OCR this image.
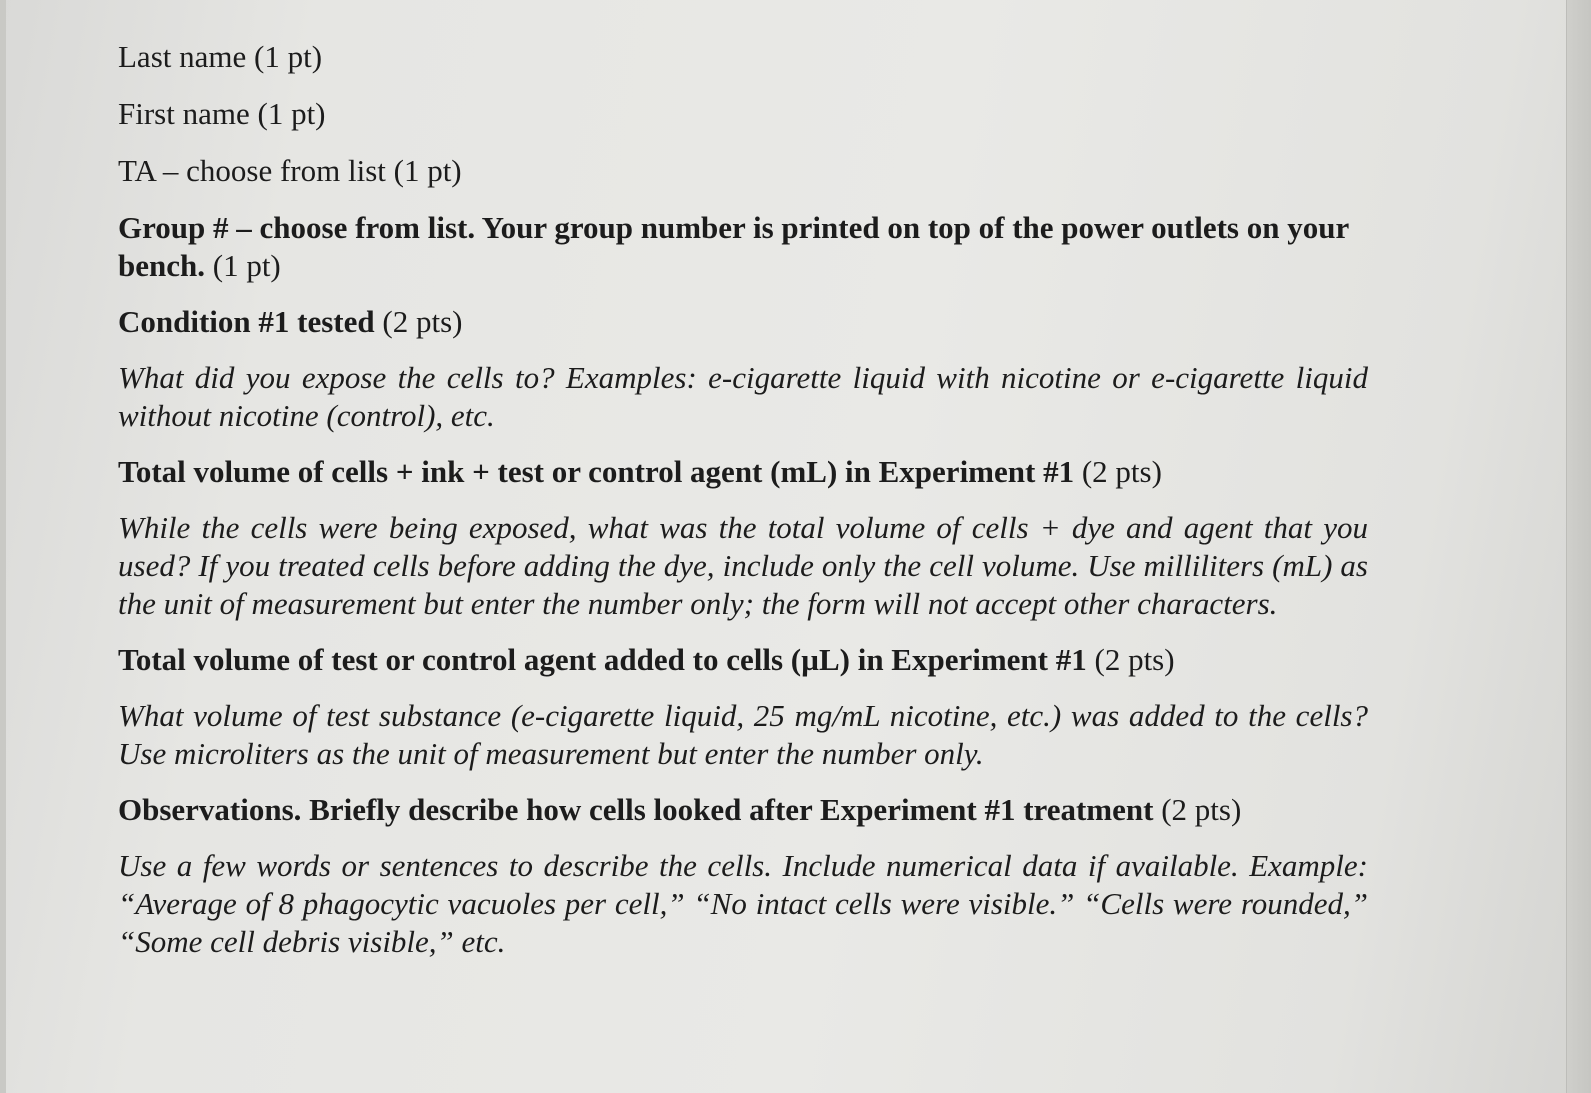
Last name (1 pt)

First name (1 pt)

TA – choose from list (1 pt)

Group # – choose from list. Your group number is printed on top of the power outlets on your bench. (1 pt)

Condition #1 tested (2 pts)

What did you expose the cells to? Examples: e-cigarette liquid with nicotine or e-cigarette liquid without nicotine (control), etc.

Total volume of cells + ink + test or control agent (mL) in Experiment #1 (2 pts)

While the cells were being exposed, what was the total volume of cells + dye and agent that you used? If you treated cells before adding the dye, include only the cell volume. Use milliliters (mL) as the unit of measurement but enter the number only; the form will not accept other characters.

Total volume of test or control agent added to cells (µL) in Experiment #1 (2 pts)

What volume of test substance (e-cigarette liquid, 25 mg/mL nicotine, etc.) was added to the cells? Use microliters as the unit of measurement but enter the number only.

Observations. Briefly describe how cells looked after Experiment #1 treatment (2 pts)

Use a few words or sentences to describe the cells. Include numerical data if available. Example: “Average of 8 phagocytic vacuoles per cell,” “No intact cells were visible.” “Cells were rounded,” “Some cell debris visible,” etc.
